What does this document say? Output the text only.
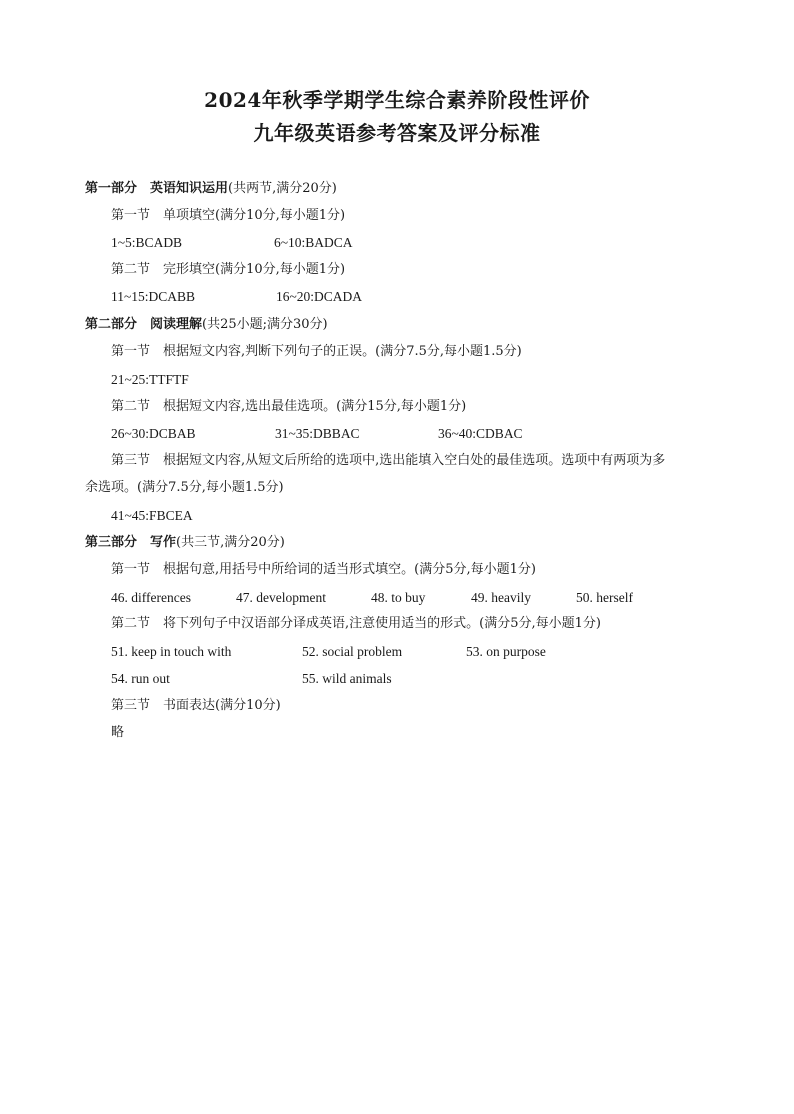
2024年秋季学期学生综合素养阶段性评价
九年级英语参考答案及评分标准
第一部分　英语知识运用(共两节,满分20分)
第一节　单项填空(满分10分,每小题1分)
1~5:BCADB	6~10:BADCA
第二节　完形填空(满分10分,每小题1分)
11~15:DCABB	16~20:DCADA
第二部分　阅读理解(共25小题;满分30分)
第一节　根据短文内容,判断下列句子的正误。(满分7.5分,每小题1.5分)
21~25:TTFTF
第二节　根据短文内容,选出最佳选项。(满分15分,每小题1分)
26~30:DCBAB	31~35:DBBAC	36~40:CDBAC
第三节　根据短文内容,从短文后所给的选项中,选出能填入空白处的最佳选项。选项中有两项为多
余选项。(满分7.5分,每小题1.5分)
41~45:FBCEA
第三部分　写作(共三节,满分20分)
第一节　根据句意,用括号中所给词的适当形式填空。(满分5分,每小题1分)
46. differences	47. development	48. to buy	49. heavily	50. herself
第二节　将下列句子中汉语部分译成英语,注意使用适当的形式。(满分5分,每小题1分)
51. keep in touch with	52. social problem	53. on purpose
54. run out	55. wild animals
第三节　书面表达(满分10分)
略
